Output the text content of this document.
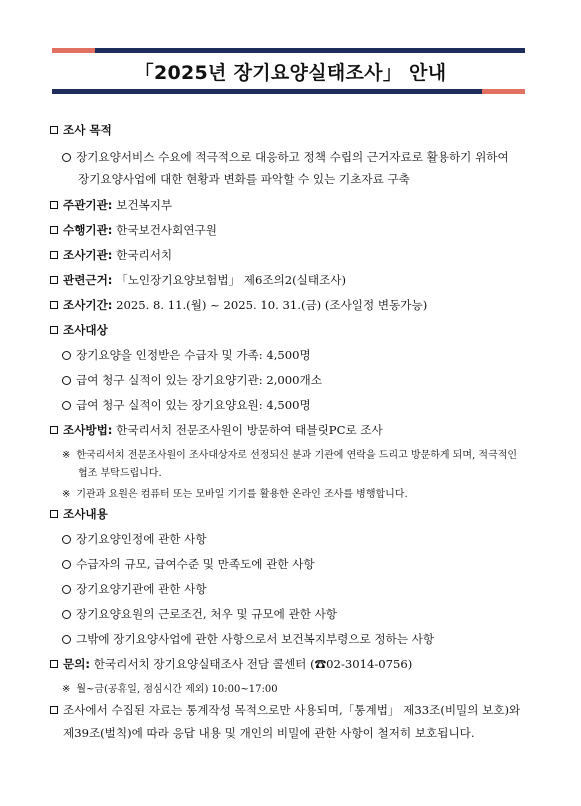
「2025년 장기요양실태조사」 안내
조사 목적
장기요양서비스 수요에 적극적으로 대응하고 정책 수립의 근거자료로 활용하기 위하여
장기요양사업에 대한 현황과 변화를 파악할 수 있는 기초자료 구축
주관기관: 보건복지부
수행기관: 한국보건사회연구원
조사기관: 한국리서치
관련근거: 「노인장기요양보험법」 제6조의2(실태조사)
조사기간: 2025. 8. 11.(월) ~ 2025. 10. 31.(금) (조사일정 변동가능)
조사대상
장기요양을 인정받은 수급자 및 가족: 4,500명
급여 청구 실적이 있는 장기요양기관: 2,000개소
급여 청구 실적이 있는 장기요양요원: 4,500명
조사방법: 한국리서치 전문조사원이 방문하여 태블릿PC로 조사
※ 한국리서치 전문조사원이 조사대상자로 선정되신 분과 기관에 연락을 드리고 방문하게 되며, 적극적인
협조 부탁드립니다.
※ 기관과 요원은 컴퓨터 또는 모바일 기기를 활용한 온라인 조사를 병행합니다.
조사내용
장기요양인정에 관한 사항
수급자의 규모, 급여수준 및 만족도에 관한 사항
장기요양기관에 관한 사항
장기요양요원의 근로조건, 처우 및 규모에 관한 사항
그밖에 장기요양사업에 관한 사항으로서 보건복지부령으로 정하는 사항
문의: 한국리서치 장기요양실태조사 전담 콜센터 (☎02-3014-0756)
※ 월~금(공휴일, 점심시간 제외) 10:00~17:00
조사에서 수집된 자료는 통계작성 목적으로만 사용되며,「통계법」 제33조(비밀의 보호)와
제39조(벌칙)에 따라 응답 내용 및 개인의 비밀에 관한 사항이 철저히 보호됩니다.
